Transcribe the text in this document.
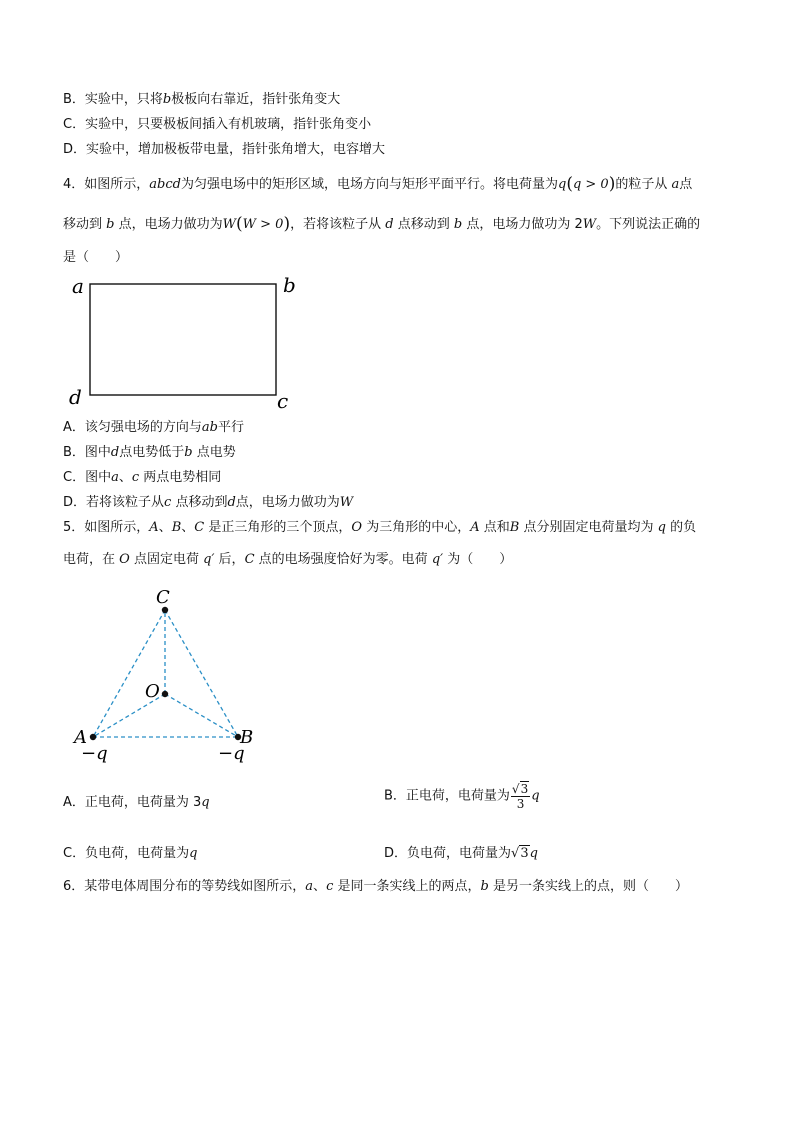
B．实验中，只将b极板向右靠近，指针张角变大
C．实验中，只要极板间插入有机玻璃，指针张角变小
D．实验中，增加极板带电量，指针张角增大，电容增大
4．如图所示，abcd为匀强电场中的矩形区域，电场方向与矩形平面平行。将电荷量为q(q > 0)的粒子从 a点
移动到 b 点，电场力做功为W(W > 0)，若将该粒子从 d 点移动到 b 点，电场力做功为 2W。下列说法正确的
是（　　）
a	b
d	c
A．该匀强电场的方向与ab平行
B．图中d点电势低于b 点电势
C．图中a、c 两点电势相同
D．若将该粒子从c 点移动到d点，电场力做功为W
5．如图所示，A、B、C 是正三角形的三个顶点，O 为三角形的中心，A 点和B 点分别固定电荷量均为 q 的负
电荷，在 O 点固定电荷 q′ 后，C 点的电场强度恰好为零。电荷 q′ 为（　　）
C
O
A	B
−q	−q
A．正电荷，电荷量为 3q	B．正电荷，电荷量为 $\frac{√3}{3}$ q
C．负电荷，电荷量为q	D．负电荷，电荷量为√3q
6．某带电体周围分布的等势线如图所示，a、c 是同一条实线上的两点，b 是另一条实线上的点，则（　　）
